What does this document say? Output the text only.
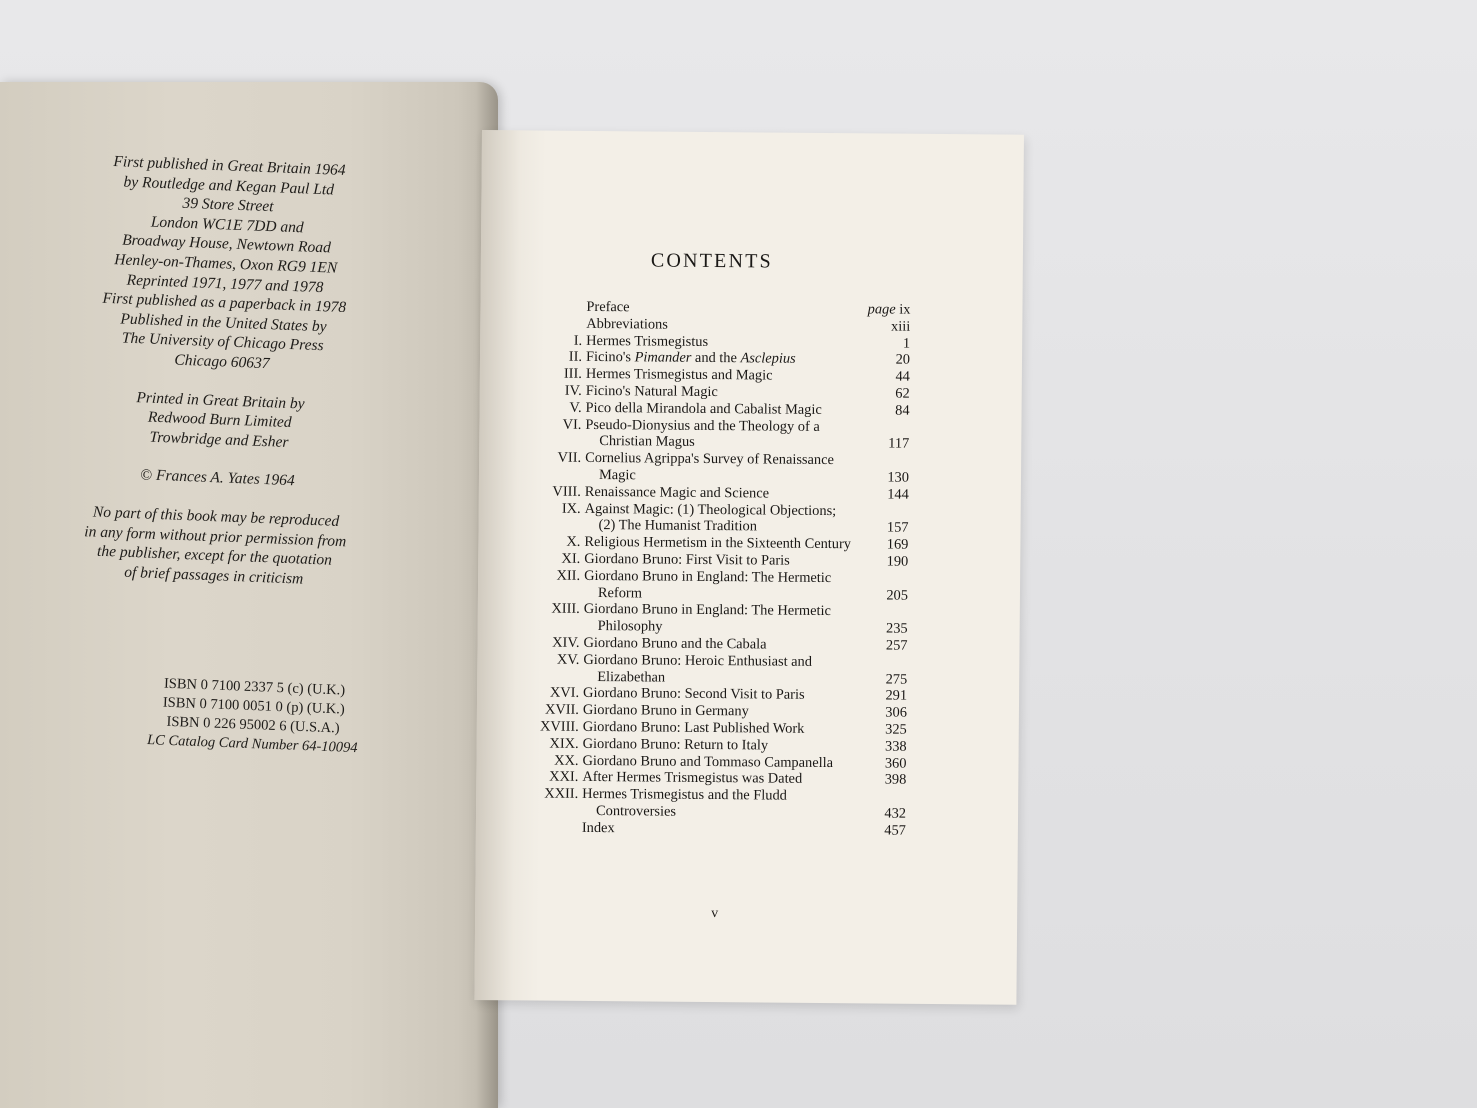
First published in Great Britain 1964
by Routledge and Kegan Paul Ltd
39 Store Street
London WC1E 7DD and
Broadway House, Newtown Road
Henley-on-Thames, Oxon RG9 1EN
Reprinted 1971, 1977 and 1978
First published as a paperback in 1978
Published in the United States by
The University of Chicago Press
Chicago 60637
Printed in Great Britain by
Redwood Burn Limited
Trowbridge and Esher
© Frances A. Yates 1964
No part of this book may be reproduced
in any form without prior permission from
the publisher, except for the quotation
of brief passages in criticism
ISBN 0 7100 2337 5 (c) (U.K.)
ISBN 0 7100 0051 0 (p) (U.K.)
ISBN 0 226 95002 6 (U.S.A.)
LC Catalog Card Number 64-10094
CONTENTS
Preface	page ix
Abbreviations	xiii
I. Hermes Trismegistus	1
II. Ficino's Pimander and the Asclepius	20
III. Hermes Trismegistus and Magic	44
IV. Ficino's Natural Magic	62
V. Pico della Mirandola and Cabalist Magic	84
VI. Pseudo-Dionysius and the Theology of a
Christian Magus	117
VII. Cornelius Agrippa's Survey of Renaissance
Magic	130
VIII. Renaissance Magic and Science	144
IX. Against Magic: (1) Theological Objections;
(2) The Humanist Tradition	157
X. Religious Hermetism in the Sixteenth Century	169
XI. Giordano Bruno: First Visit to Paris	190
XII. Giordano Bruno in England: The Hermetic
Reform	205
XIII. Giordano Bruno in England: The Hermetic
Philosophy	235
XIV. Giordano Bruno and the Cabala	257
XV. Giordano Bruno: Heroic Enthusiast and
Elizabethan	275
XVI. Giordano Bruno: Second Visit to Paris	291
XVII. Giordano Bruno in Germany	306
XVIII. Giordano Bruno: Last Published Work	325
XIX. Giordano Bruno: Return to Italy	338
XX. Giordano Bruno and Tommaso Campanella	360
XXI. After Hermes Trismegistus was Dated	398
XXII. Hermes Trismegistus and the Fludd
Controversies	432
Index	457
v
